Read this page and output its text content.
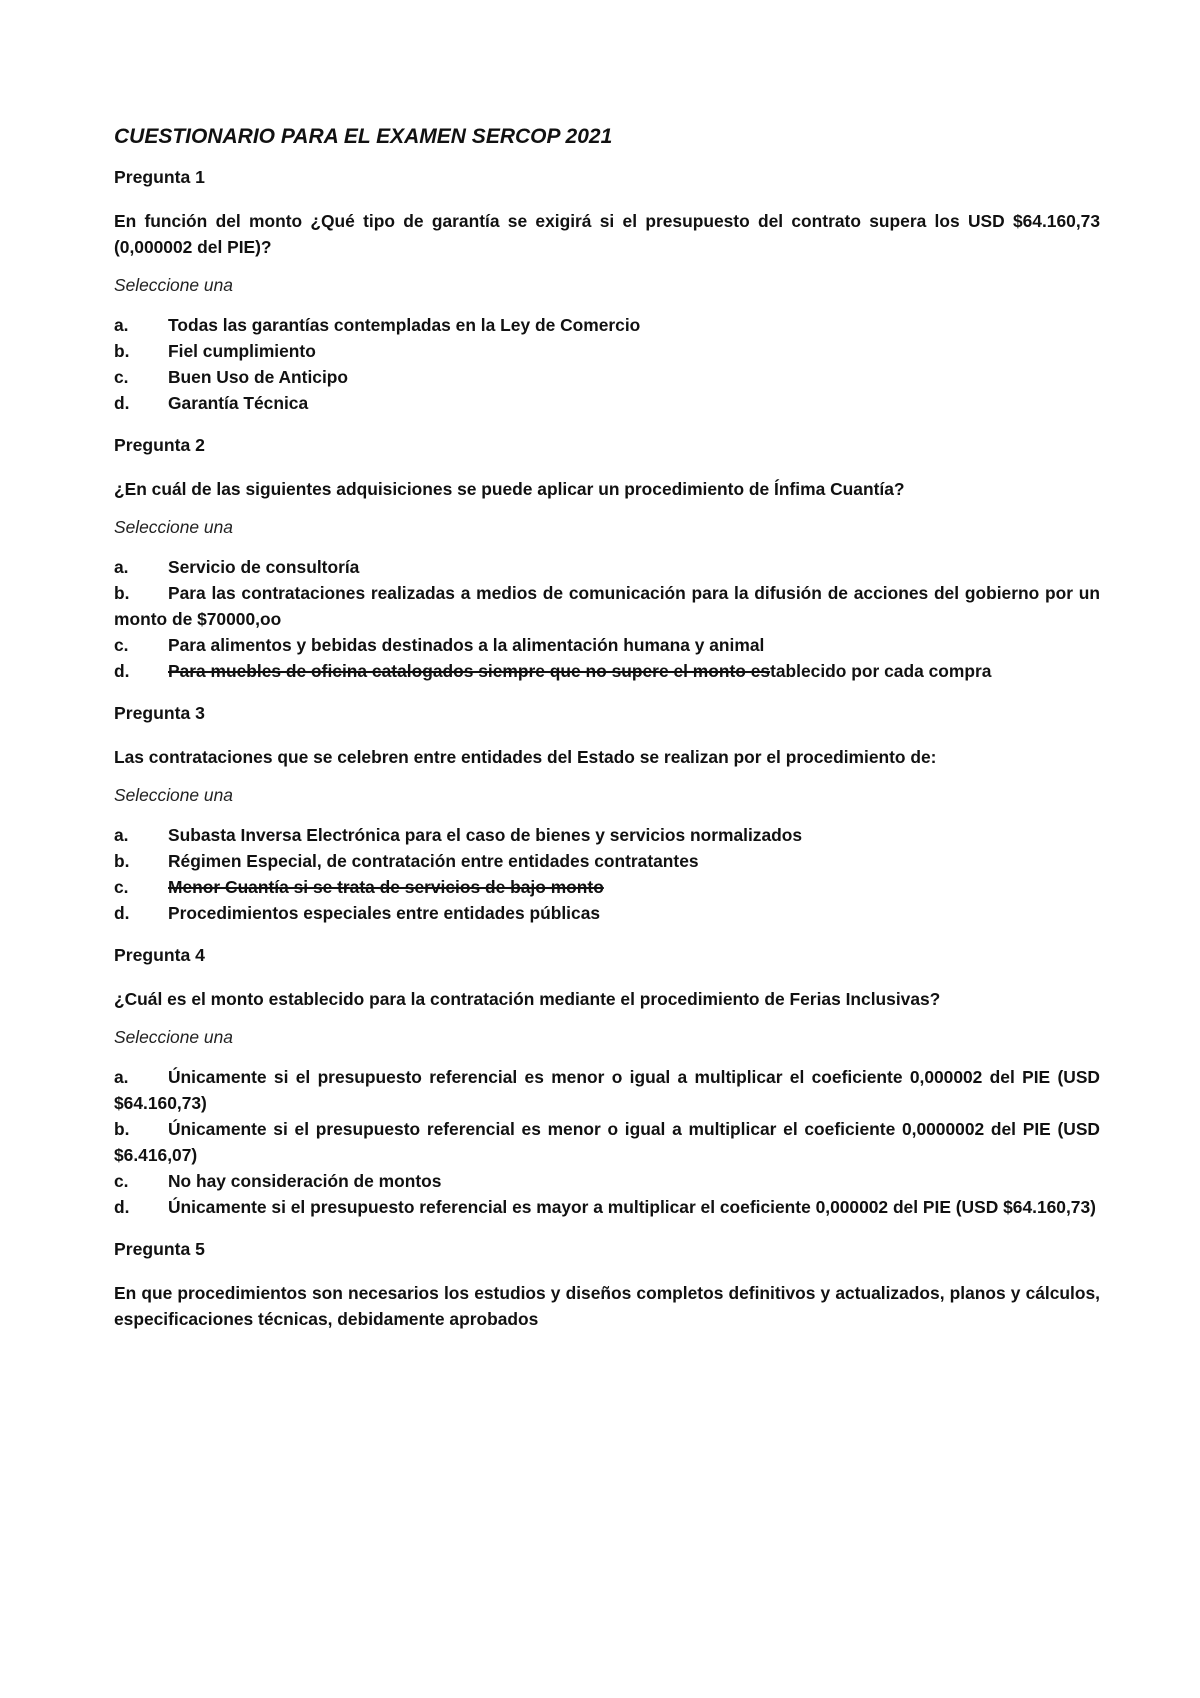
CUESTIONARIO PARA EL EXAMEN SERCOP 2021
Pregunta 1
En función del monto ¿Qué tipo de garantía se exigirá si el presupuesto del contrato supera los USD $64.160,73 (0,000002 del PIE)?
Seleccione una
a.	Todas las garantías contempladas en la Ley de Comercio
b.	Fiel cumplimiento
c.	Buen Uso de Anticipo
d.	Garantía Técnica
Pregunta 2
¿En cuál de las siguientes adquisiciones se puede aplicar un procedimiento de Ínfima Cuantía?
Seleccione una
a.	Servicio de consultoría
b. Para las contrataciones realizadas a medios de comunicación para la difusión de acciones del gobierno por un monto de $70000,oo
c.	Para alimentos y bebidas destinados a la alimentación humana y animal
d.	Para muebles de oficina catalogados siempre que no supere el monto establecido por cada compra
Pregunta 3
Las contrataciones que se celebren entre entidades del Estado se realizan por el procedimiento de:
Seleccione una
a.	Subasta Inversa Electrónica para el caso de bienes y servicios normalizados
b.	Régimen Especial, de contratación entre entidades contratantes
c.	Menor Cuantía si se trata de servicios de bajo monto
d.	Procedimientos especiales entre entidades públicas
Pregunta 4
¿Cuál es el monto establecido para la contratación mediante el procedimiento de Ferias Inclusivas?
Seleccione una
a. Únicamente si el presupuesto referencial es menor o igual a multiplicar el coeficiente 0,000002 del PIE (USD $64.160,73)
b. Únicamente si el presupuesto referencial es menor o igual a multiplicar el coeficiente 0,0000002 del PIE (USD $6.416,07)
c.	No hay consideración de montos
d. Únicamente si el presupuesto referencial es mayor a multiplicar el coeficiente 0,000002 del PIE (USD $64.160,73)
Pregunta 5
En que procedimientos son necesarios los estudios y diseños completos definitivos y actualizados, planos y cálculos, especificaciones técnicas, debidamente aprobados
